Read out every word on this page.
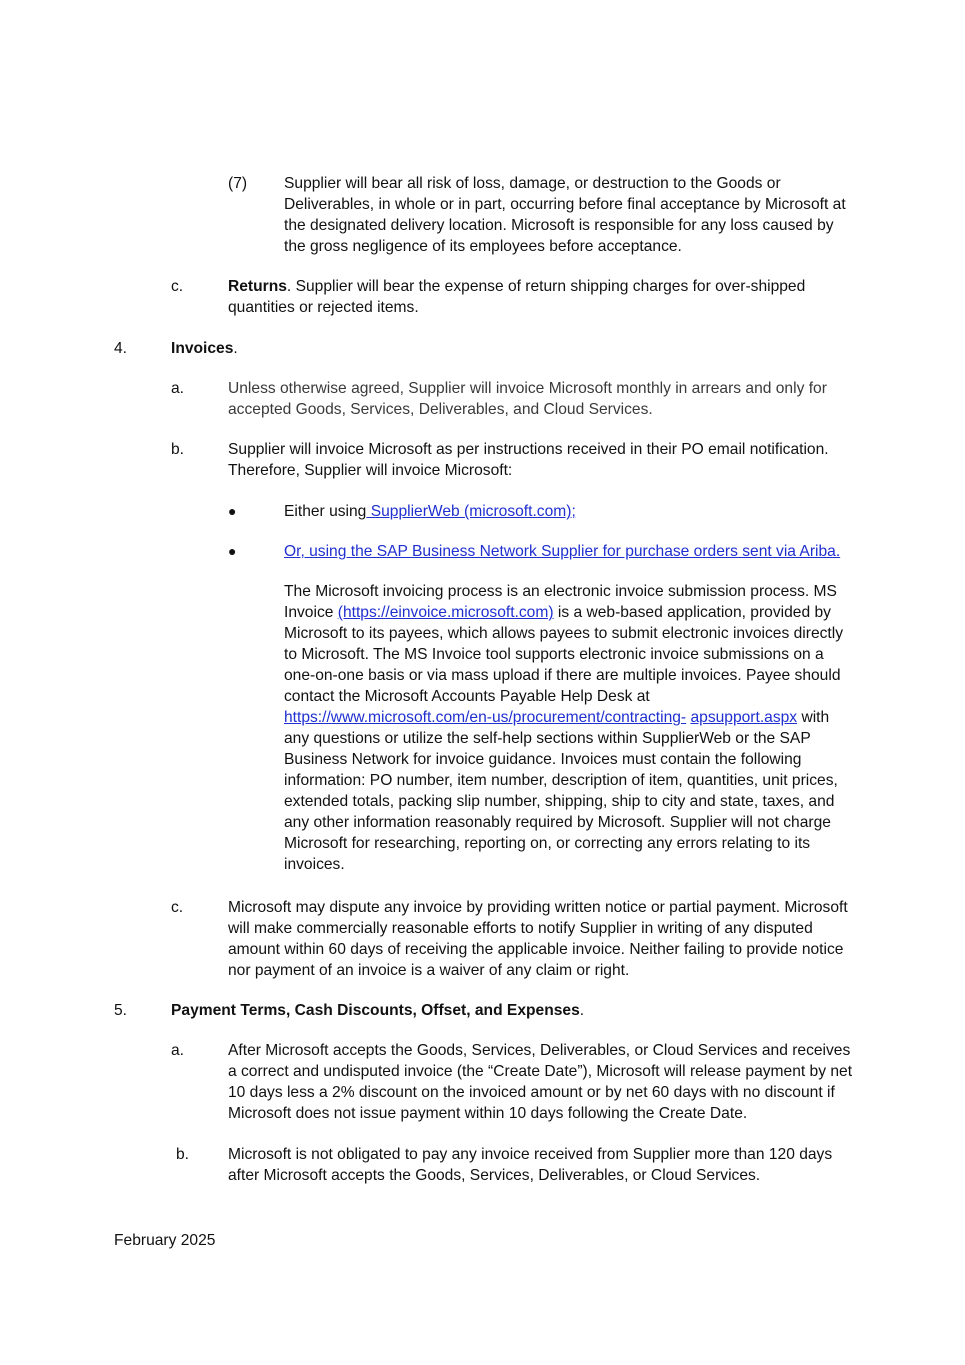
(7) Supplier will bear all risk of loss, damage, or destruction to the Goods or Deliverables, in whole or in part, occurring before final acceptance by Microsoft at the designated delivery location. Microsoft is responsible for any loss caused by the gross negligence of its employees before acceptance.
c.	Returns. Supplier will bear the expense of return shipping charges for over-shipped quantities or rejected items.
4.	Invoices.
a.	Unless otherwise agreed, Supplier will invoice Microsoft monthly in arrears and only for accepted Goods, Services, Deliverables, and Cloud Services.
b.	Supplier will invoice Microsoft as per instructions received in their PO email notification. Therefore, Supplier will invoice Microsoft:
●	Either using SupplierWeb (microsoft.com);
●	Or, using the SAP Business Network Supplier for purchase orders sent via Ariba.
The Microsoft invoicing process is an electronic invoice submission process. MS Invoice (https://einvoice.microsoft.com) is a web-based application, provided by Microsoft to its payees, which allows payees to submit electronic invoices directly to Microsoft. The MS Invoice tool supports electronic invoice submissions on a one-on-one basis or via mass upload if there are multiple invoices. Payee should contact the Microsoft Accounts Payable Help Desk at https://www.microsoft.com/en-us/procurement/contracting- apsupport.aspx with any questions or utilize the self-help sections within SupplierWeb or the SAP Business Network for invoice guidance. Invoices must contain the following information: PO number, item number, description of item, quantities, unit prices, extended totals, packing slip number, shipping, ship to city and state, taxes, and any other information reasonably required by Microsoft. Supplier will not charge Microsoft for researching, reporting on, or correcting any errors relating to its invoices.
c.	Microsoft may dispute any invoice by providing written notice or partial payment. Microsoft will make commercially reasonable efforts to notify Supplier in writing of any disputed amount within 60 days of receiving the applicable invoice. Neither failing to provide notice nor payment of an invoice is a waiver of any claim or right.
5.	Payment Terms, Cash Discounts, Offset, and Expenses.
a.	After Microsoft accepts the Goods, Services, Deliverables, or Cloud Services and receives a correct and undisputed invoice (the “Create Date”), Microsoft will release payment by net 10 days less a 2% discount on the invoiced amount or by net 60 days with no discount if Microsoft does not issue payment within 10 days following the Create Date.
b. Microsoft is not obligated to pay any invoice received from Supplier more than 120 days after Microsoft accepts the Goods, Services, Deliverables, or Cloud Services.
February 2025
